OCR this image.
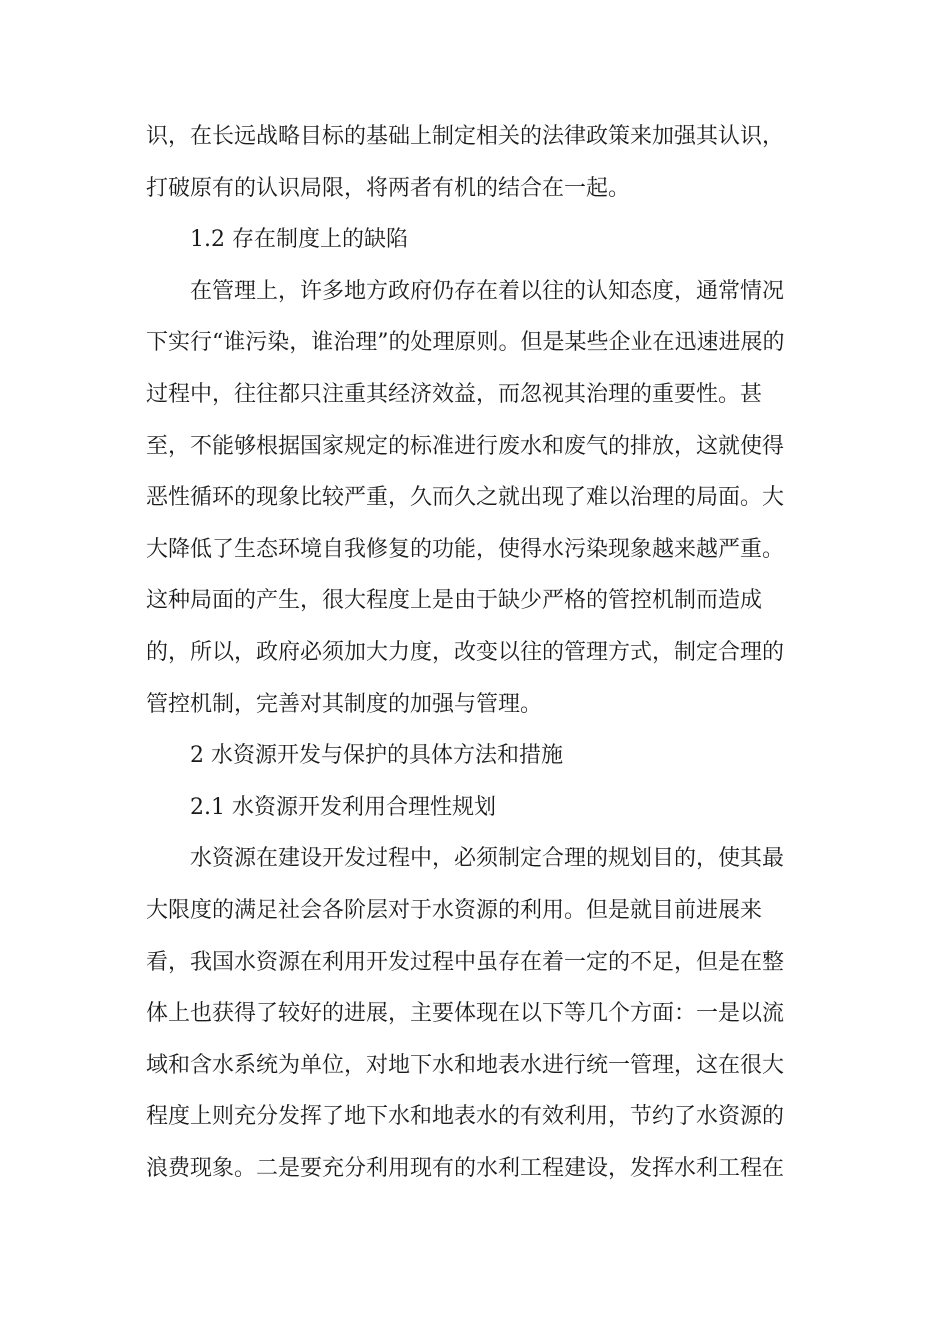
识，在长远战略目标的基础上制定相关的法律政策来加强其认识，
打破原有的认识局限，将两者有机的结合在一起。
1.2 存在制度上的缺陷
在管理上，许多地方政府仍存在着以往的认知态度，通常情况
下实行“谁污染，谁治理”的处理原则。但是某些企业在迅速进展的
过程中，往往都只注重其经济效益，而忽视其治理的重要性。甚
至，不能够根据国家规定的标准进行废水和废气的排放，这就使得
恶性循环的现象比较严重，久而久之就出现了难以治理的局面。大
大降低了生态环境自我修复的功能，使得水污染现象越来越严重。
这种局面的产生，很大程度上是由于缺少严格的管控机制而造成
的，所以，政府必须加大力度，改变以往的管理方式，制定合理的
管控机制，完善对其制度的加强与管理。
2 水资源开发与保护的具体方法和措施
2.1 水资源开发利用合理性规划
水资源在建设开发过程中，必须制定合理的规划目的，使其最
大限度的满足社会各阶层对于水资源的利用。但是就目前进展来
看，我国水资源在利用开发过程中虽存在着一定的不足，但是在整
体上也获得了较好的进展，主要体现在以下等几个方面：一是以流
域和含水系统为单位，对地下水和地表水进行统一管理，这在很大
程度上则充分发挥了地下水和地表水的有效利用，节约了水资源的
浪费现象。二是要充分利用现有的水利工程建设，发挥水利工程在
